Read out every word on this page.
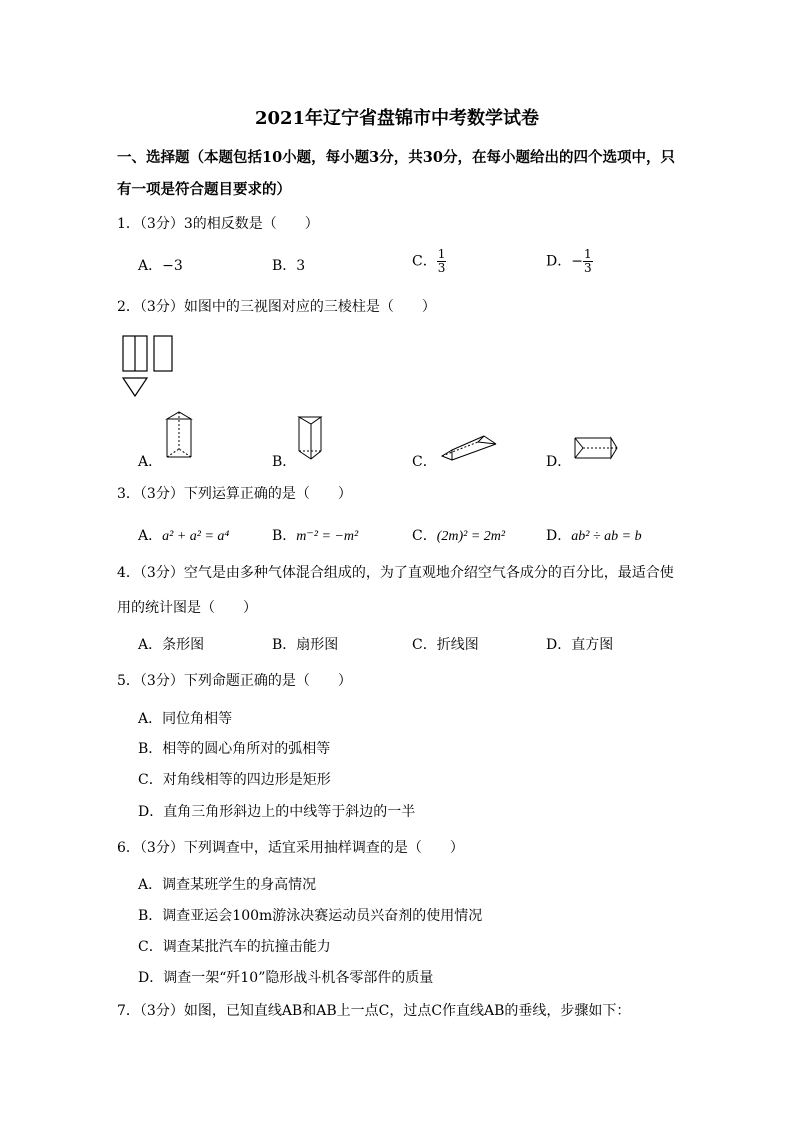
2021年辽宁省盘锦市中考数学试卷
一、选择题（本题包括10小题，每小题3分，共30分，在每小题给出的四个选项中，只
有一项是符合题目要求的）
1．（3分）3的相反数是（　　）
A．−3	B．3	C． $\frac{1}{3}$	D．− $\frac{1}{3}$
2．（3分）如图中的三视图对应的三棱柱是（　　）
A．	B．	C．	D．
3．（3分）下列运算正确的是（　　）
A．a² + a² = a⁴	B．m⁻² = −m²	C．(2m)² = 2m²	D．ab² ÷ ab = b
4．（3分）空气是由多种气体混合组成的，为了直观地介绍空气各成分的百分比，最适合使
用的统计图是（　　）
A．条形图	B．扇形图	C．折线图	D．直方图
5．（3分）下列命题正确的是（　　）
A．同位角相等
B．相等的圆心角所对的弧相等
C．对角线相等的四边形是矩形
D．直角三角形斜边上的中线等于斜边的一半
6．（3分）下列调查中，适宜采用抽样调查的是（　　）
A．调查某班学生的身高情况
B．调查亚运会100m游泳决赛运动员兴奋剂的使用情况
C．调查某批汽车的抗撞击能力
D．调查一架“歼10”隐形战斗机各零部件的质量
7．（3分）如图，已知直线AB和AB上一点C，过点C作直线AB的垂线，步骤如下：
